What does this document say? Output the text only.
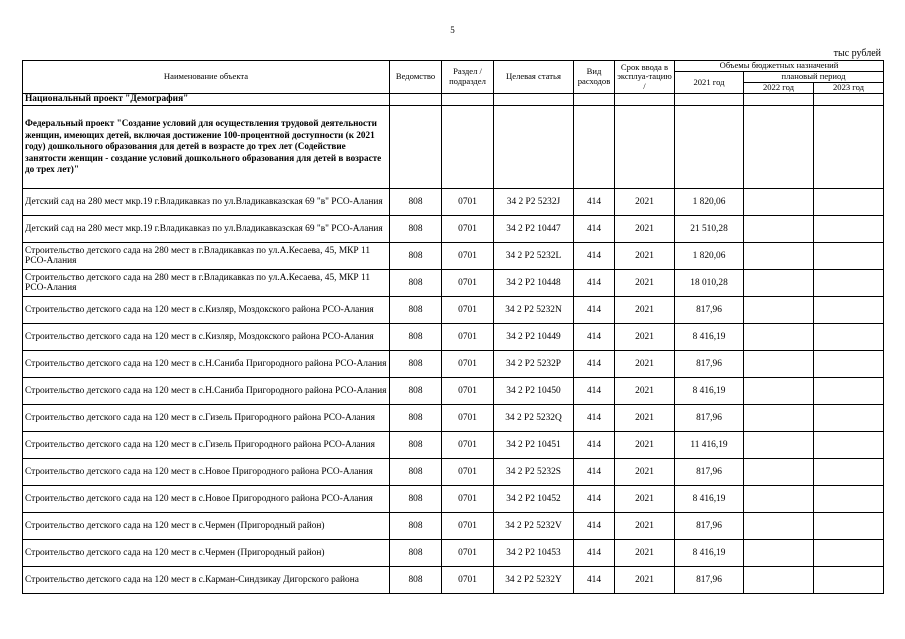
5
тыс рублей
Наименование объекта	Ведомство	Раздел / подраздел	Целевая статья	Вид расходов	Срок ввода в эксплуа-тацию /	Объемы бюджетных назначений		
						2021 год	плановый период	
							2022 год	2023 год
Национальный проект "Демография"								
Федеральный проект "Создание условий для осуществления трудовой деятельности женщин, имеющих детей, включая достижение 100-процентной доступности (к 2021 году) дошкольного образования для детей в возрасте до трех лет (Содействие занятости женщин - создание условий дошкольного образования для детей в возрасте до трех лет)"								
Детский сад на 280 мест мкр.19 г.Владикавказ по ул.Владикавказская 69 "в" РСО-Алания	808	0701	34 2 P2 5232J	414	2021	1 820,06		
Детский сад на 280 мест мкр.19 г.Владикавказ по ул.Владикавказская 69 "в" РСО-Алания	808	0701	34 2 P2 10447	414	2021	21 510,28		
Строительство детского сада на 280 мест в г.Владикавказ по ул.А.Кесаева, 45, МКР 11 РСО-Алания	808	0701	34 2 P2 5232L	414	2021	1 820,06		
Строительство детского сада на 280 мест в г.Владикавказ по ул.А.Кесаева, 45, МКР 11 РСО-Алания	808	0701	34 2 P2 10448	414	2021	18 010,28		
Строительство детского сада на 120 мест в с.Кизляр, Моздокского района РСО-Алания	808	0701	34 2 P2 5232N	414	2021	817,96		
Строительство детского сада на 120 мест в с.Кизляр, Моздокского района РСО-Алания	808	0701	34 2 P2 10449	414	2021	8 416,19		
Строительство детского сада на 120 мест в с.Н.Саниба Пригородного района РСО-Алания	808	0701	34 2 P2 5232P	414	2021	817,96		
Строительство детского сада на 120 мест в с.Н.Саниба Пригородного района РСО-Алания	808	0701	34 2 P2 10450	414	2021	8 416,19		
Строительство детского сада на 120 мест в с.Гизель Пригородного района РСО-Алания	808	0701	34 2 P2 5232Q	414	2021	817,96		
Строительство детского сада на 120 мест в с.Гизель Пригородного района РСО-Алания	808	0701	34 2 P2 10451	414	2021	11 416,19		
Строительство детского сада на 120 мест в с.Новое Пригородного района РСО-Алания	808	0701	34 2 P2 5232S	414	2021	817,96		
Строительство детского сада на 120 мест в с.Новое Пригородного района РСО-Алания	808	0701	34 2 P2 10452	414	2021	8 416,19		
Строительство детского сада на 120 мест в с.Чермен (Пригородный район)	808	0701	34 2 P2 5232V	414	2021	817,96		
Строительство детского сада на 120 мест в с.Чермен (Пригородный район)	808	0701	34 2 P2 10453	414	2021	8 416,19		
Строительство детского сада на 120 мест в с.Карман-Синдзикау Дигорского района	808	0701	34 2 P2 5232Y	414	2021	817,96		
